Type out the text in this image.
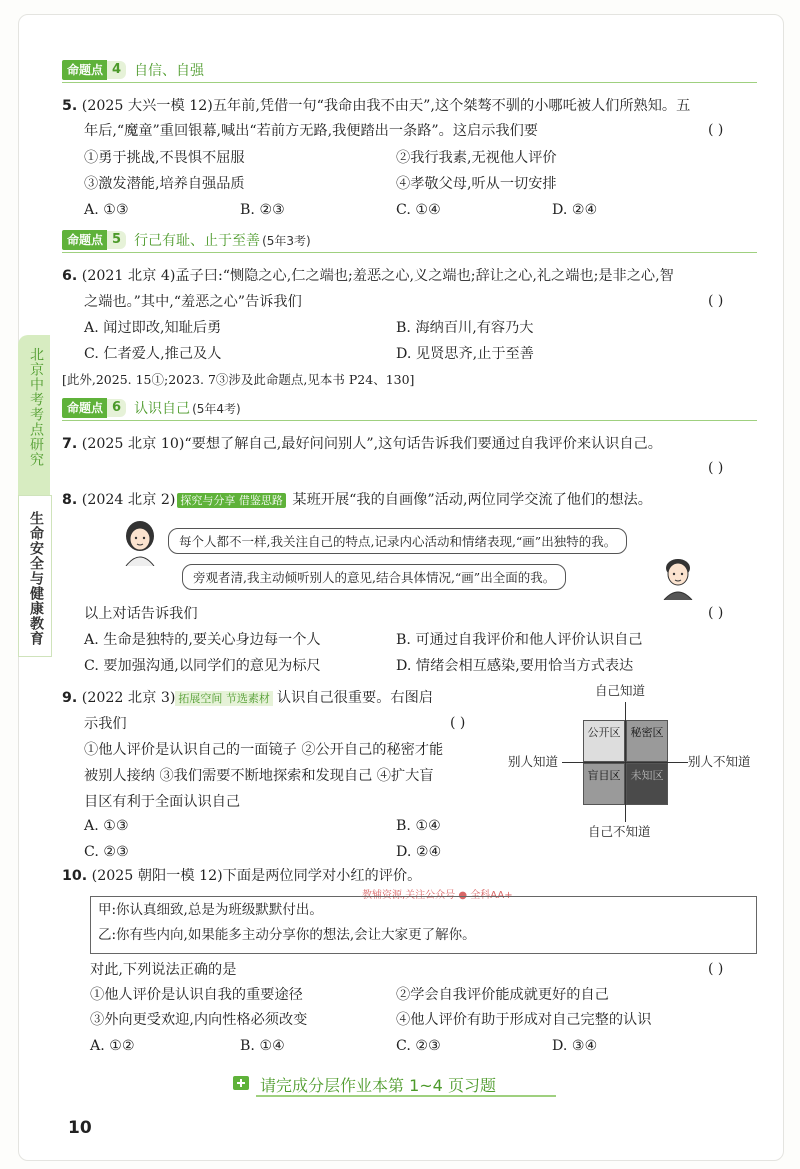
北京中考考点研究
生命安全与健康教育
命题点 4 自信、自强
5. (2025 大兴一模 12)五年前,凭借一句“我命由我不由天”,这个桀骜不驯的小哪吒被人们所熟知。五
年后,“魔童”重回银幕,喊出“若前方无路,我便踏出一条路”。这启示我们要	( )
①勇于挑战,不畏惧不屈服	②我行我素,无视他人评价
③激发潜能,培养自强品质	④孝敬父母,听从一切安排
A. ①③	B. ②③	C. ①④	D. ②④
命题点 5 行己有耻、止于至善 (5年3考)
6. (2021 北京 4)孟子曰:“恻隐之心,仁之端也;羞恶之心,义之端也;辞让之心,礼之端也;是非之心,智
之端也。”其中,“羞恶之心”告诉我们	( )
A. 闻过即改,知耻后勇	B. 海纳百川,有容乃大
C. 仁者爱人,推己及人	D. 见贤思齐,止于至善
[此外,2025. 15①;2023. 7③涉及此命题点,见本书 P24、130]
命题点 6 认识自己 (5年4考)
7. (2025 北京 10)“要想了解自己,最好问问别人”,这句话告诉我们要通过自我评价来认识自己。
( )
8. (2024 北京 2) 探究与分享 借鉴思路 某班开展“我的自画像”活动,两位同学交流了他们的想法。
每个人都不一样,我关注自己的特点,记录内心活动和情绪表现,“画”出独特的我。
旁观者清,我主动倾听别人的意见,结合具体情况,“画”出全面的我。
以上对话告诉我们	( )
A. 生命是独特的,要关心身边每一个人	B. 可通过自我评价和他人评价认识自己
C. 要加强沟通,以同学们的意见为标尺	D. 情绪会相互感染,要用恰当方式表达
9. (2022 北京 3) 拓展空间 节选素材 认识自己很重要。右图启
示我们	( )
①他人评价是认识自己的一面镜子 ②公开自己的秘密才能
被别人接纳 ③我们需要不断地探索和发现自己 ④扩大盲
目区有利于全面认识自己
A. ①③	B. ①④
C. ②③	D. ②④
公开区 秘密区
盲目区 未知区
自己知道
自己不知道
别人知道	别人不知道
10. (2025 朝阳一模 12)下面是两位同学对小红的评价。
教辅资源,关注公众号 ● 全科AA+
甲:你认真细致,总是为班级默默付出。
乙:你有些内向,如果能多主动分享你的想法,会让大家更了解你。
对此,下列说法正确的是	( )
①他人评价是认识自我的重要途径	②学会自我评价能成就更好的自己
③外向更受欢迎,内向性格必须改变	④他人评价有助于形成对自己完整的认识
A. ①②	B. ①④	C. ②③	D. ③④
请完成分层作业本第 1~4 页习题
10
